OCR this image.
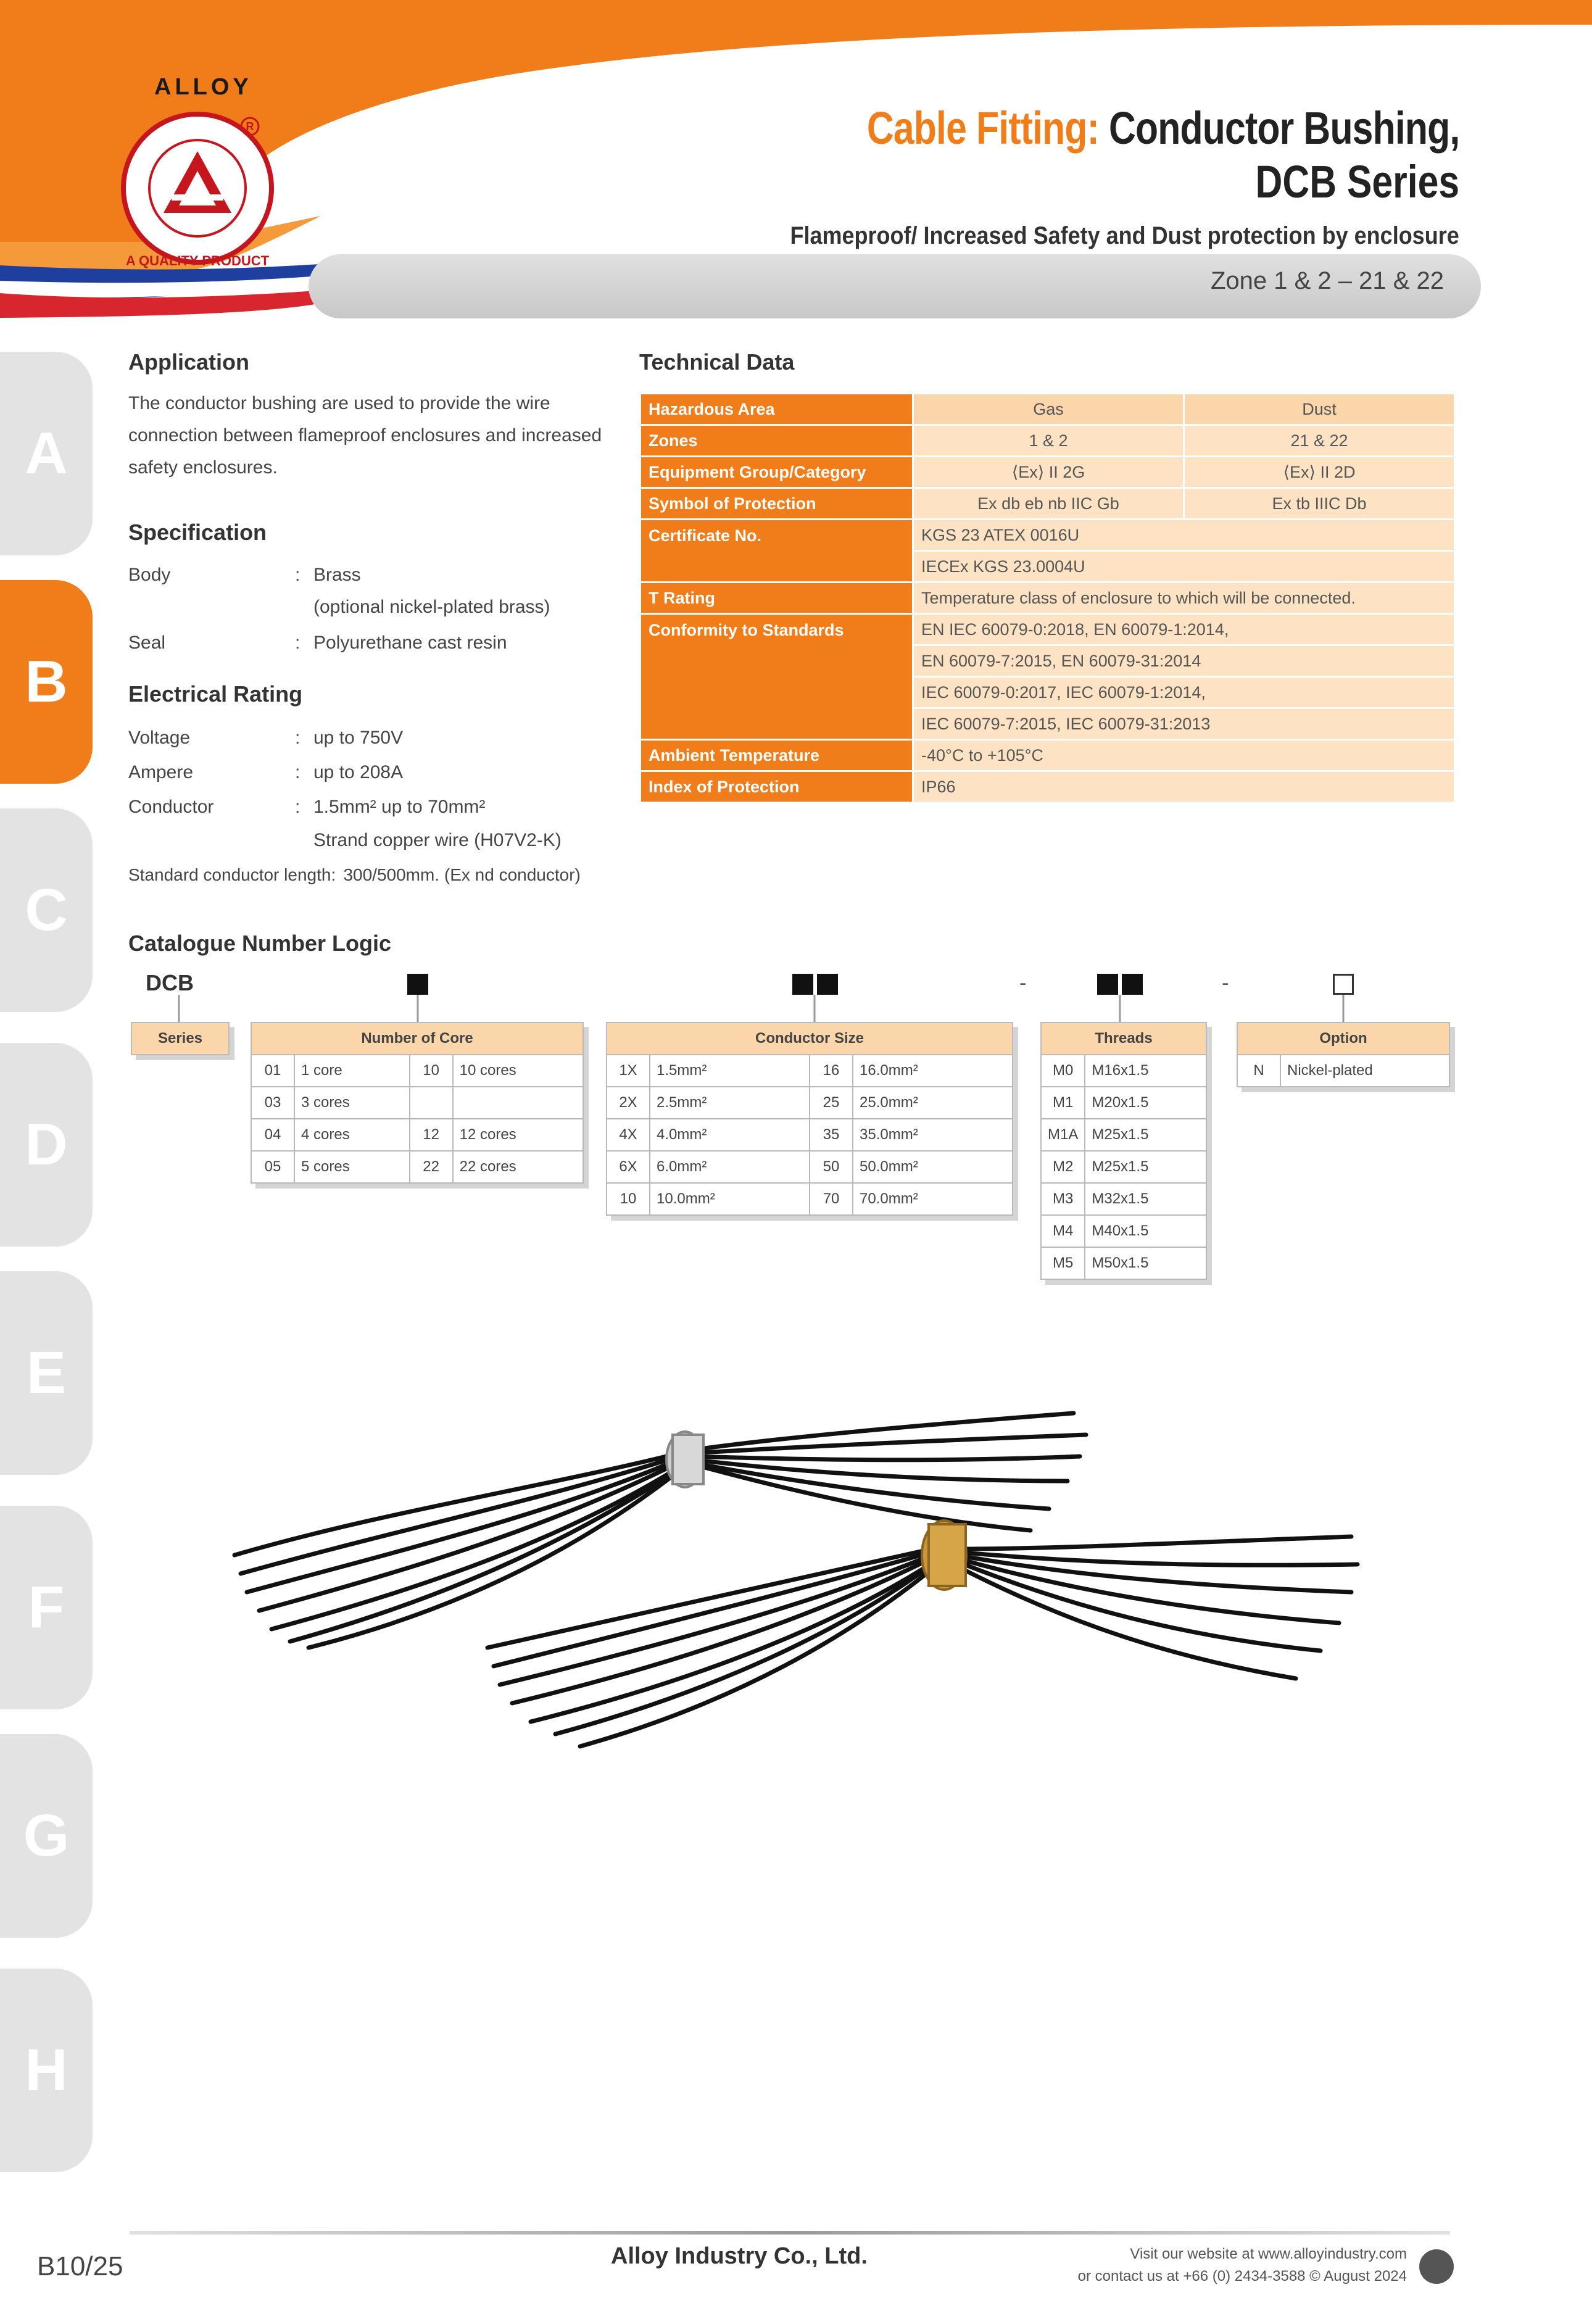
ALLOY
R
A QUALITY PRODUCT
Cable Fitting: Conductor Bushing,
DCB Series
Flameproof/ Increased Safety and Dust protection by enclosure
Zone 1 & 2 – 21 & 22
A
B
C
D
E
F
G
H
Application
The conductor bushing are used to provide the wire connection between flameproof enclosures and increased safety enclosures.
Specification
Body	: Brass
(optional nickel-plated brass)
Seal	: Polyurethane cast resin
Electrical Rating
Voltage	: up to 750V
Ampere	: up to 208A
Conductor	: 1.5mm² up to 70mm²
Strand copper wire (H07V2-K)
Standard conductor length: 300/500mm. (Ex nd conductor)
Technical Data
Hazardous Area	Gas	Dust
Zones	1 & 2	21 & 22
Equipment Group/Category	⟨Ex⟩ II 2G	⟨Ex⟩ II 2D
Symbol of Protection	Ex db eb nb IIC Gb	Ex tb IIIC Db
Certificate No.	KGS 23 ATEX 0016U	
	IECEx KGS 23.0004U	
T Rating	Temperature class of enclosure to which will be connected.	
Conformity to Standards	EN IEC 60079-0:2018, EN 60079-1:2014,	
	EN 60079-7:2015, EN 60079-31:2014	
	IEC 60079-0:2017, IEC 60079-1:2014,	
	IEC 60079-7:2015, IEC 60079-31:2013	
Ambient Temperature	-40°C to +105°C	
Index of Protection	IP66	
Catalogue Number Logic
DCB	-	-
Series	Number of Core			
01	1 core	10	10 cores
03	3 cores		
04	4 cores	12	12 cores
05	5 cores	22	22 cores
Conductor Size			
1X	1.5mm²	16	16.0mm²
2X	2.5mm²	25	25.0mm²
4X	4.0mm²	35	35.0mm²
6X	6.0mm²	50	50.0mm²
10	10.0mm²	70	70.0mm²
Threads	
M0	M16x1.5
M1	M20x1.5
M1A	M25x1.5
M2	M25x1.5
M3	M32x1.5
M4	M40x1.5
M5	M50x1.5
Option
N	Nickel-plated
B10/25	Alloy Industry Co., Ltd.	Visit our website at www.alloyindustry.com
or contact us at +66 (0) 2434-3588 © August 2024
